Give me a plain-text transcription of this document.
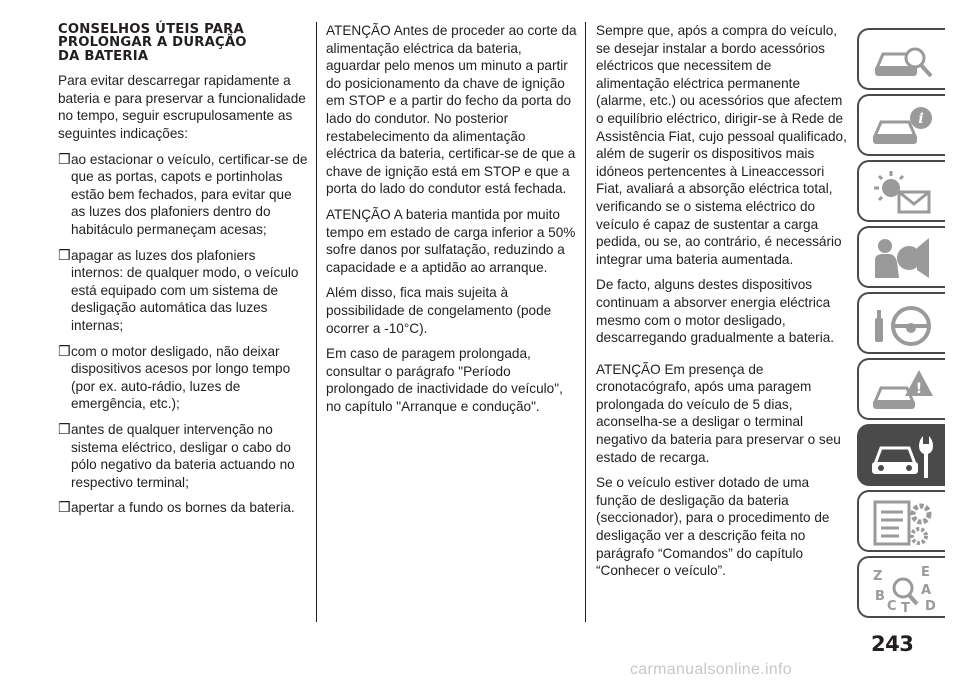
CONSELHOS ÚTEIS PARA
PROLONGAR A DURAÇÃO
DA BATERIA

Para evitar descarregar rapidamente a bateria e para preservar a funcionalidade no tempo, seguir escrupulosamente as seguintes indicações:

❒ ao estacionar o veículo, certificar-se de que as portas, capots e portinholas estão bem fechados, para evitar que as luzes dos plafoniers dentro do habitáculo permaneçam acesas;
❒ apagar as luzes dos plafoniers internos: de qualquer modo, o veículo está equipado com um sistema de desligação automática das luzes internas;
❒ com o motor desligado, não deixar dispositivos acesos por longo tempo (por ex. auto-rádio, luzes de emergência, etc.);
❒ antes de qualquer intervenção no sistema eléctrico, desligar o cabo do pólo negativo da bateria actuando no respectivo terminal;
❒ apertar a fundo os bornes da bateria.

ATENÇÃO Antes de proceder ao corte da alimentação eléctrica da bateria, aguardar pelo menos um minuto a partir do posicionamento da chave de ignição em STOP e a partir do fecho da porta do lado do condutor. No posterior restabelecimento da alimentação eléctrica da bateria, certificar-se de que a chave de ignição está em STOP e que a porta do lado do condutor está fechada.

ATENÇÃO A bateria mantida por muito tempo em estado de carga inferior a 50% sofre danos por sulfatação, reduzindo a capacidade e a aptidão ao arranque.

Além disso, fica mais sujeita à possibilidade de congelamento (pode ocorrer a -10°C).

Em caso de paragem prolongada, consultar o parágrafo "Período prolongado de inactividade do veículo", no capítulo "Arranque e condução".

Sempre que, após a compra do veículo, se desejar instalar a bordo acessórios eléctricos que necessitem de alimentação eléctrica permanente (alarme, etc.) ou acessórios que afectem o equilíbrio eléctrico, dirigir-se à Rede de Assistência Fiat, cujo pessoal qualificado, além de sugerir os dispositivos mais idóneos pertencentes à Lineaccessori Fiat, avaliará a absorção eléctrica total, verificando se o sistema eléctrico do veículo é capaz de sustentar a carga pedida, ou se, ao contrário, é necessário integrar uma bateria aumentada.

De facto, alguns destes dispositivos continuam a absorver energia eléctrica mesmo com o motor desligado, descarregando gradualmente a bateria.

ATENÇÃO Em presença de cronotacógrafo, após uma paragem prolongada do veículo de 5 dias, aconselha-se a desligar o terminal negativo da bateria para preservar o seu estado de recarga.

Se o veículo estiver dotado de uma função de desligação da bateria (seccionador), para o procedimento de desligação ver a descrição feita no parágrafo “Comandos” do capítulo “Conhecer o veículo”.

i
!
Z	E
B	A
C T D
243
carmanualsonline.info
